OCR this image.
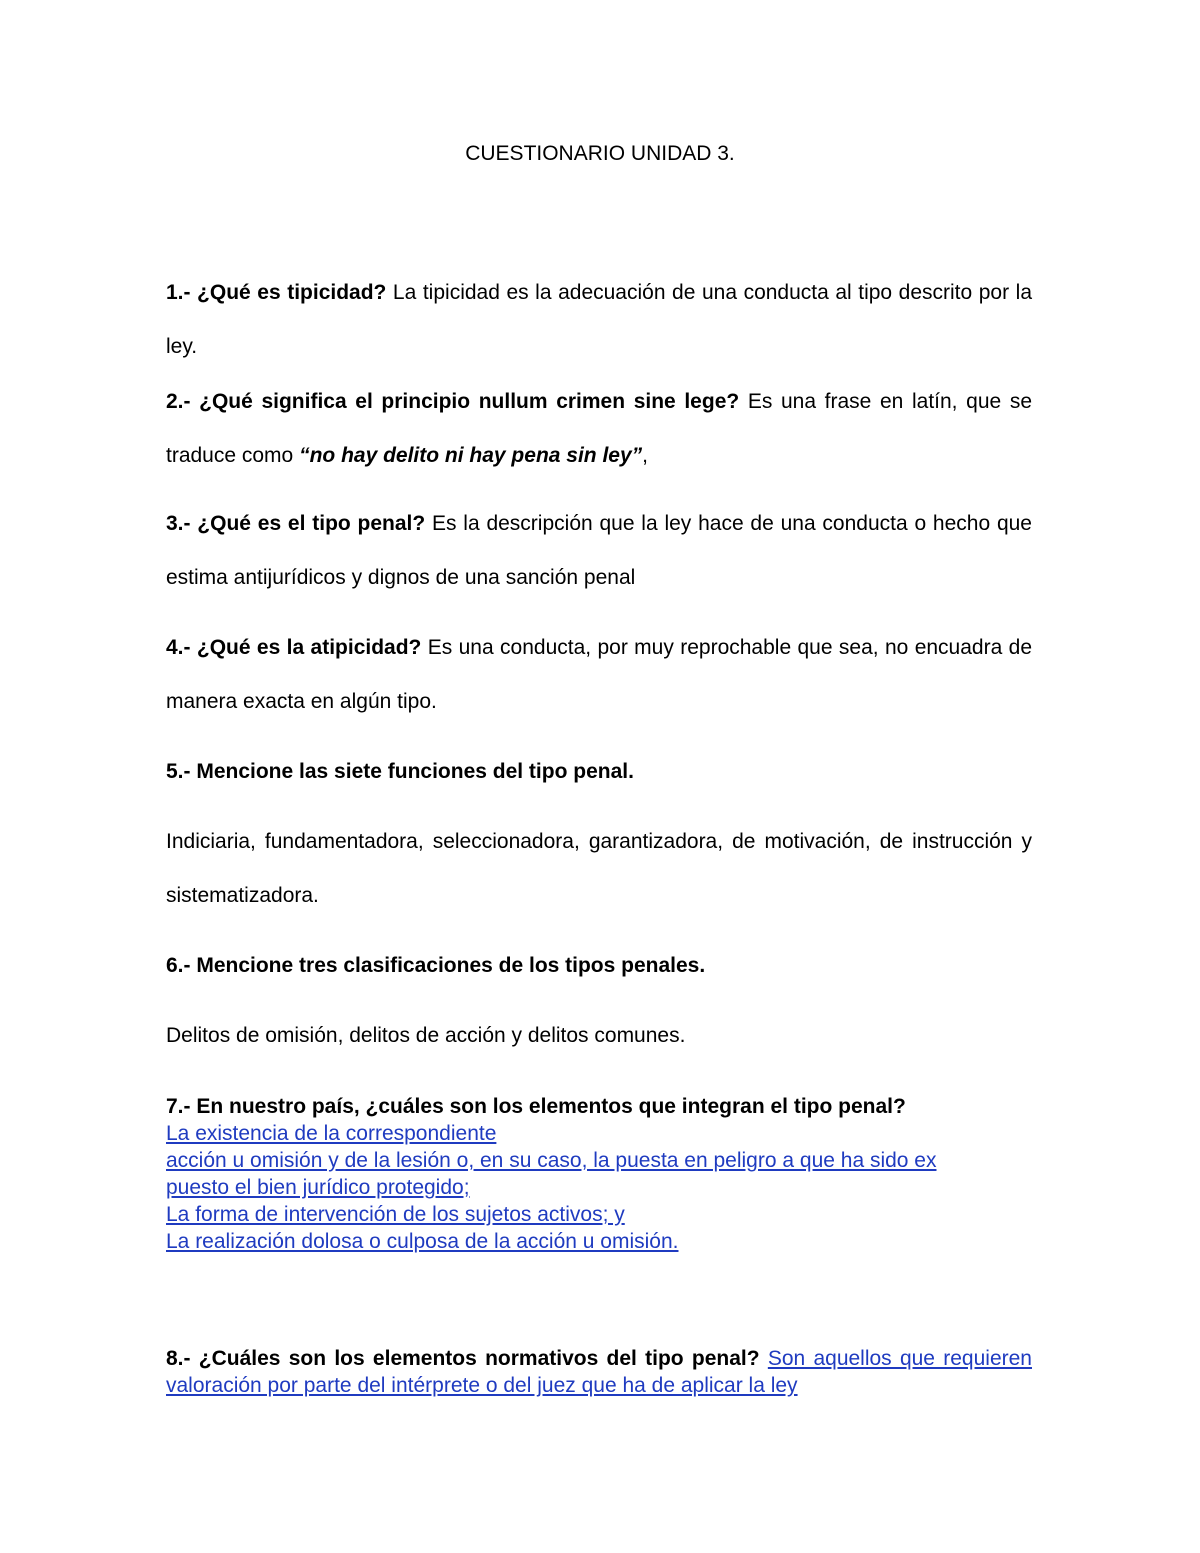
CUESTIONARIO UNIDAD 3.

1.- ¿Qué es tipicidad? La tipicidad es la adecuación de una conducta al tipo descrito por la ley.

2.- ¿Qué significa el principio nullum crimen sine lege? Es una frase en latín, que se traduce como “no hay delito ni hay pena sin ley”,

3.- ¿Qué es el tipo penal? Es la descripción que la ley hace de una conducta o hecho que estima antijurídicos y dignos de una sanción penal

4.- ¿Qué es la atipicidad? Es una conducta, por muy reprochable que sea, no encuadra de manera exacta en algún tipo.

5.- Mencione las siete funciones del tipo penal.

Indiciaria, fundamentadora, seleccionadora, garantizadora, de motivación, de instrucción y sistematizadora.

6.- Mencione tres clasificaciones de los tipos penales.

Delitos de omisión, delitos de acción y delitos comunes.

7.- En nuestro país, ¿cuáles son los elementos que integran el tipo penal?

La existencia de la correspondiente
acción u omisión y de la lesión o, en su caso, la puesta en peligro a que ha sido ex
puesto el bien jurídico protegido;
La forma de intervención de los sujetos activos; y
La realización dolosa o culposa de la acción u omisión.

8.- ¿Cuáles son los elementos normativos del tipo penal? Son aquellos que requieren valoración por parte del intérprete o del juez que ha de aplicar la ley
